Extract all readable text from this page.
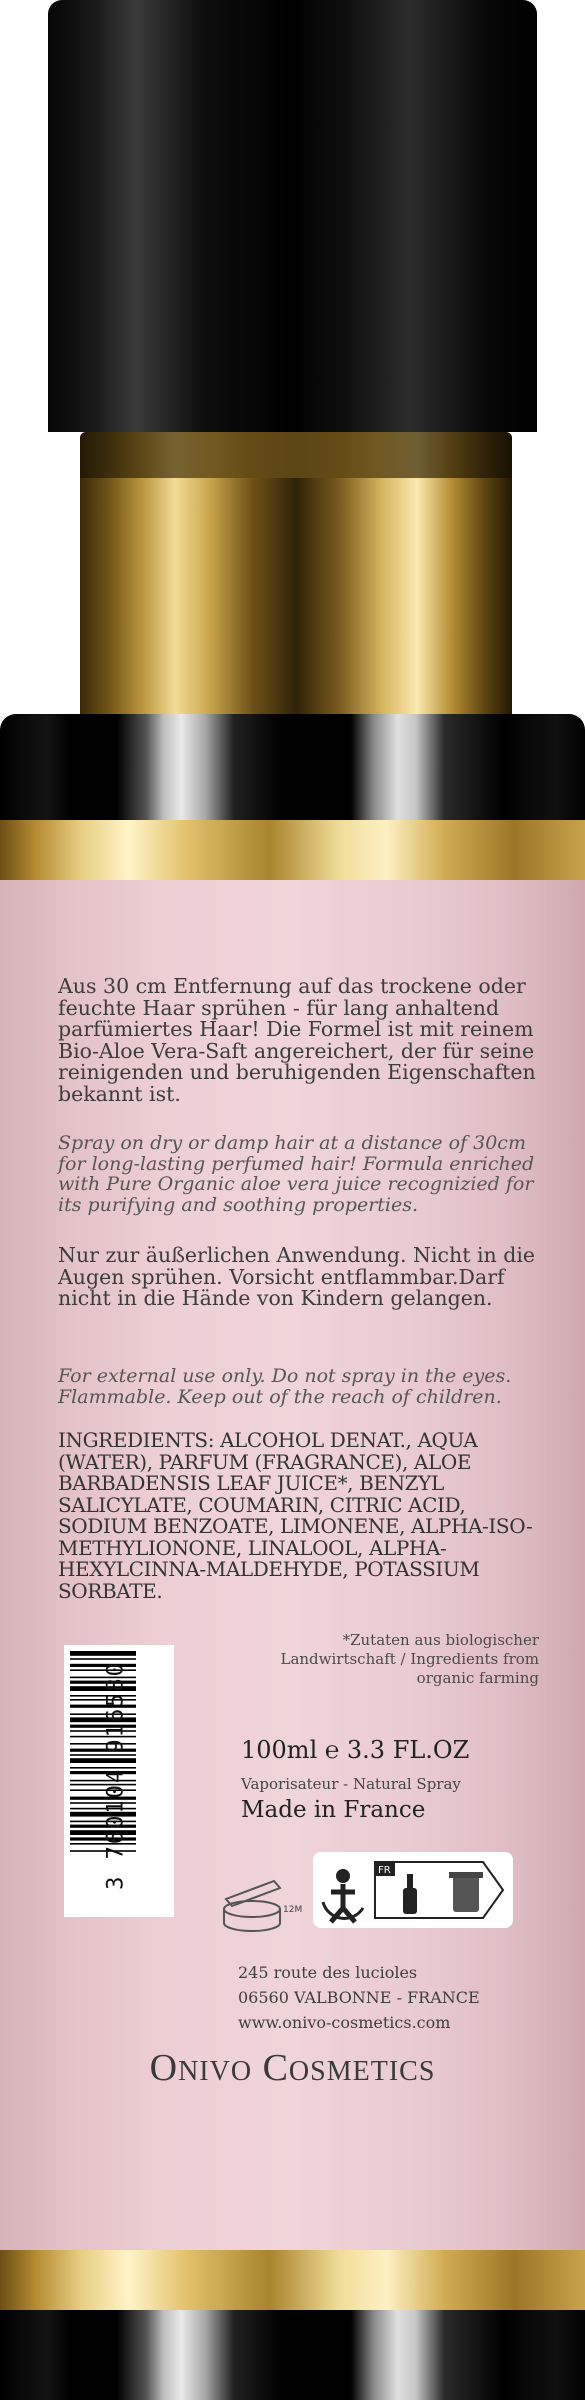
Aus 30 cm Entfernung auf das trockene oder feuchte Haar sprühen - für lang anhaltend parfümiertes Haar! Die Formel ist mit reinem Bio-Aloe Vera-Saft angereichert, der für seine reinigenden und beruhigenden Eigenschaften bekannt ist.
Spray on dry or damp hair at a distance of 30cm for long-lasting perfumed hair! Formula enriched with Pure Organic aloe vera juice recognizied for its purifying and soothing properties.
Nur zur äußerlichen Anwendung. Nicht in die Augen sprühen. Vorsicht entflammbar.Darf nicht in die Hände von Kindern gelangen.
For external use only. Do not spray in the eyes. Flammable. Keep out of the reach of children.
INGREDIENTS: ALCOHOL DENAT., AQUA (WATER), PARFUM (FRAGRANCE), ALOE BARBADENSIS LEAF JUICE*, BENZYL SALICYLATE, COUMARIN, CITRIC ACID, SODIUM BENZOATE, LIMONENE, ALPHA-ISO-METHYLIONONE, LINALOOL, ALPHA-HEXYLCINNA-MALDEHYDE, POTASSIUM SORBATE.
3 760104 916580
*Zutaten aus biologischer Landwirtschaft / Ingredients from organic farming
100ml ℮ 3.3 FL.OZ
Vaporisateur - Natural Spray
Made in France
12M
FR
245 route des lucioles
06560 VALBONNE - FRANCE
www.onivo-cosmetics.com
ONIVO COSMETICS
